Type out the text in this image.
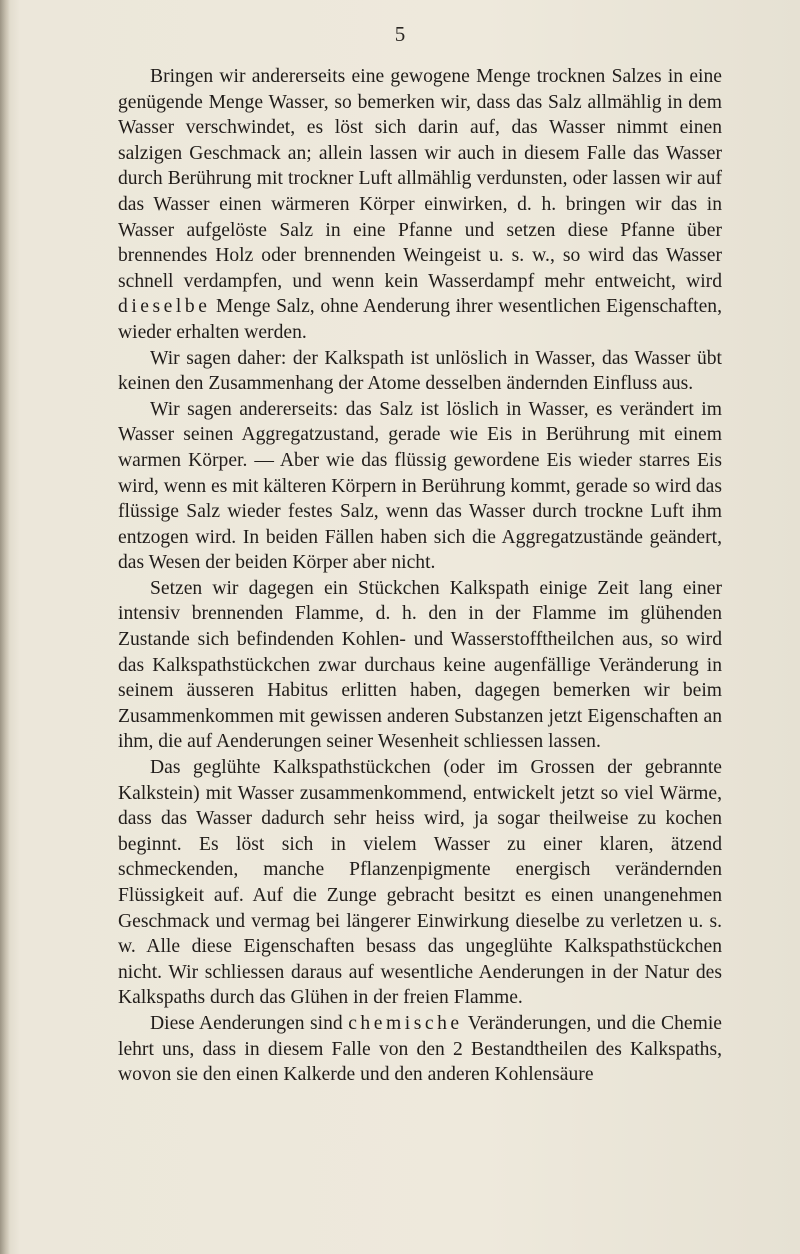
5

Bringen wir andererseits eine gewogene Menge trocknen Salzes in eine genügende Menge Wasser, so bemerken wir, dass das Salz allmählig in dem Wasser verschwindet, es löst sich darin auf, das Wasser nimmt einen salzigen Geschmack an; allein lassen wir auch in diesem Falle das Wasser durch Berührung mit trockner Luft allmählig verdunsten, oder lassen wir auf das Wasser einen wärmeren Körper einwirken, d. h. bringen wir das in Wasser aufgelöste Salz in eine Pfanne und setzen diese Pfanne über brennendes Holz oder brennenden Weingeist u. s. w., so wird das Wasser schnell verdampfen, und wenn kein Wasserdampf mehr entweicht, wird dieselbe Menge Salz, ohne Aenderung ihrer wesentlichen Eigenschaften, wieder erhalten werden.

Wir sagen daher: der Kalkspath ist unlöslich in Wasser, das Wasser übt keinen den Zusammenhang der Atome desselben ändernden Einfluss aus.

Wir sagen andererseits: das Salz ist löslich in Wasser, es verändert im Wasser seinen Aggregatzustand, gerade wie Eis in Berührung mit einem warmen Körper. — Aber wie das flüssig gewordene Eis wieder starres Eis wird, wenn es mit kälteren Körpern in Berührung kommt, gerade so wird das flüssige Salz wieder festes Salz, wenn das Wasser durch trockne Luft ihm entzogen wird. In beiden Fällen haben sich die Aggregatzustände geändert, das Wesen der beiden Körper aber nicht.

Setzen wir dagegen ein Stückchen Kalkspath einige Zeit lang einer intensiv brennenden Flamme, d. h. den in der Flamme im glühenden Zustande sich befindenden Kohlen- und Wasserstofftheilchen aus, so wird das Kalkspathstückchen zwar durchaus keine augenfällige Veränderung in seinem äusseren Habitus erlitten haben, dagegen bemerken wir beim Zusammenkommen mit gewissen anderen Substanzen jetzt Eigenschaften an ihm, die auf Aenderungen seiner Wesenheit schliessen lassen.

Das geglühte Kalkspathstückchen (oder im Grossen der gebrannte Kalkstein) mit Wasser zusammenkommend, entwickelt jetzt so viel Wärme, dass das Wasser dadurch sehr heiss wird, ja sogar theilweise zu kochen beginnt. Es löst sich in vielem Wasser zu einer klaren, ätzend schmeckenden, manche Pflanzenpigmente energisch verändernden Flüssigkeit auf. Auf die Zunge gebracht besitzt es einen unangenehmen Geschmack und vermag bei längerer Einwirkung dieselbe zu verletzen u. s. w. Alle diese Eigenschaften besass das ungeglühte Kalkspathstückchen nicht. Wir schliessen daraus auf wesentliche Aenderungen in der Natur des Kalkspaths durch das Glühen in der freien Flamme.

Diese Aenderungen sind chemische Veränderungen, und die Chemie lehrt uns, dass in diesem Falle von den 2 Bestandtheilen des Kalkspaths, wovon sie den einen Kalkerde und den anderen Kohlensäure
